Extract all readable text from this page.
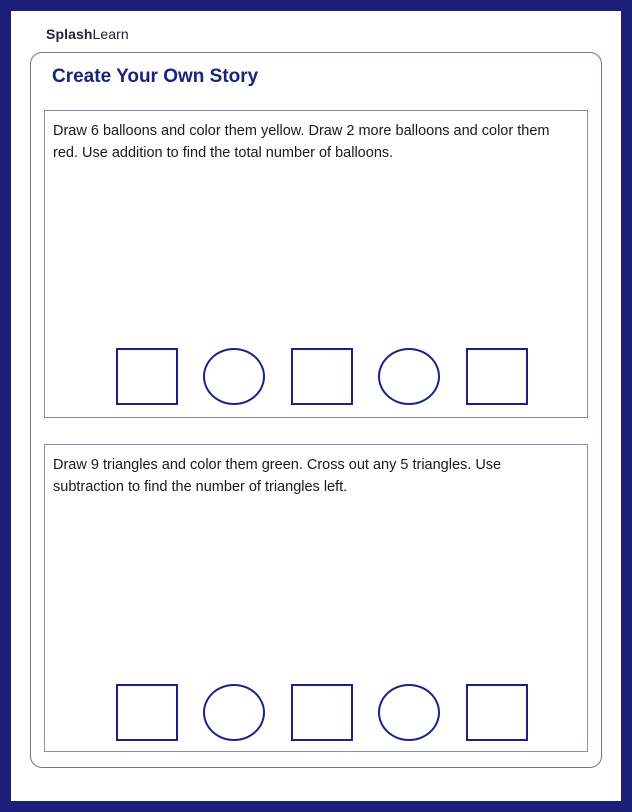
SplashLearn
Create Your Own Story

Draw 6 balloons and color them yellow. Draw 2 more balloons and color them red. Use addition to find the total number of balloons.

Draw 9 triangles and color them green. Cross out any 5 triangles. Use subtraction to find the number of triangles left.
